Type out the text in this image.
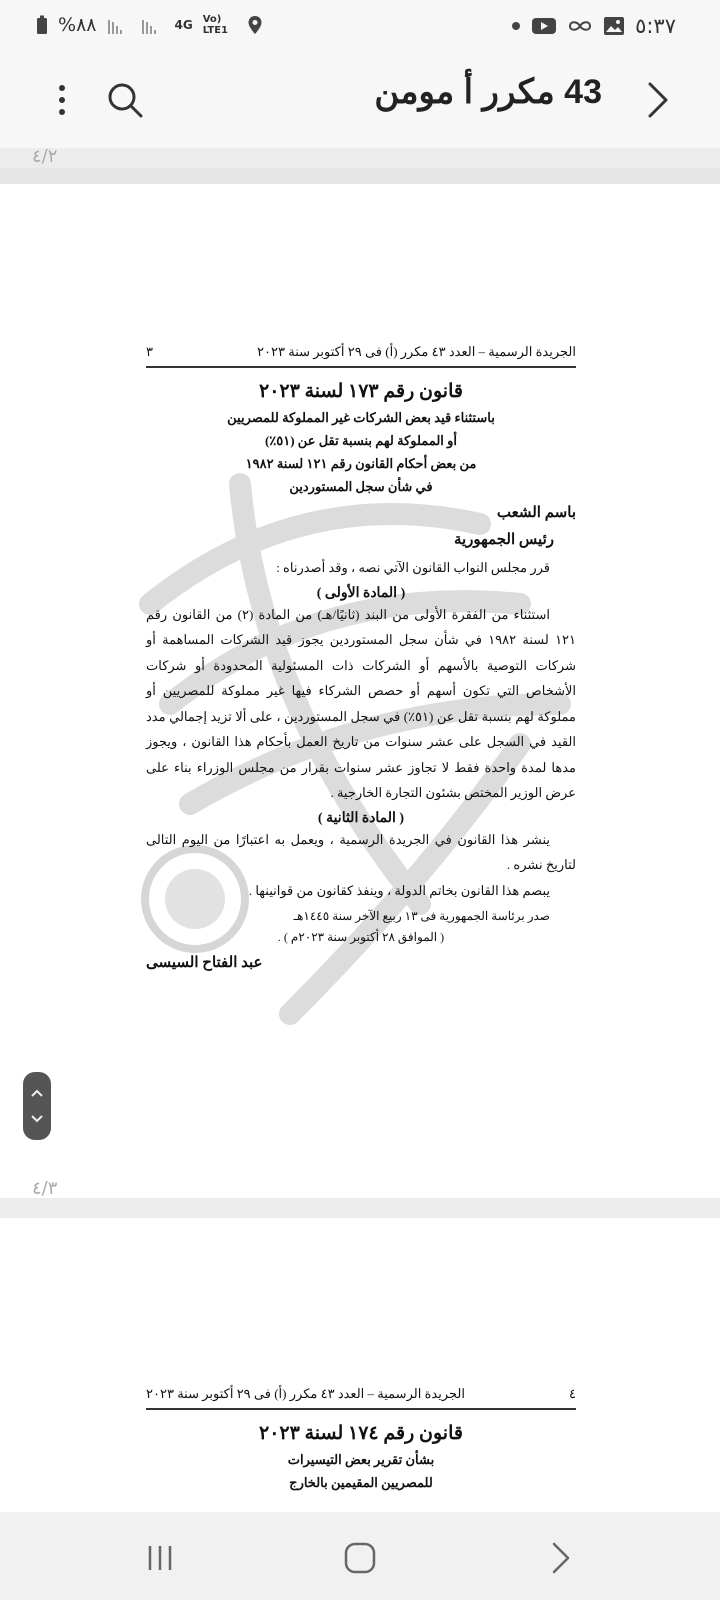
%٨٨	4G Vo) LTE1	٥:٣٧
43 مكرر أ مومن
٤/٢
الجريدة الرسمية – العدد ٤٣ مكرر (أ) فى ٢٩ أكتوبر سنة ٢٠٢٣
٣
قانون رقم ١٧٣ لسنة ٢٠٢٣
باستثناء قيد بعض الشركات غير المملوكة للمصريين
أو المملوكة لهم بنسبة تقل عن (٥١٪)
من بعض أحكام القانون رقم ١٢١ لسنة ١٩٨٢
في شأن سجل المستوردين
باسم الشعب
رئيس الجمهورية
قرر مجلس النواب القانون الآتي نصه ، وقد أصدرناه :
( المادة الأولى )
استثناء من الفقرة الأولى من البند (ثانيًا/هـ) من المادة (٢) من القانون رقم ١٢١ لسنة ١٩٨٢ في شأن سجل المستوردين يجوز قيد الشركات المساهمة أو شركات التوصية بالأسهم أو الشركات ذات المسئولية المحدودة أو شركات الأشخاص التي تكون أسهم أو حصص الشركاء فيها غير مملوكة للمصريين أو مملوكة لهم بنسبة تقل عن (٥١٪) في سجل المستوردين ، على ألا تزيد إجمالي مدد القيد في السجل على عشر سنوات من تاريخ العمل بأحكام هذا القانون ، ويجوز مدها لمدة واحدة فقط لا تجاوز عشر سنوات بقرار من مجلس الوزراء بناء على عرض الوزير المختص بشئون التجارة الخارجية .
( المادة الثانية )
ينشر هذا القانون في الجريدة الرسمية ، ويعمل به اعتبارًا من اليوم التالى لتاريخ نشره .
يبصم هذا القانون بخاتم الدولة ، وينفذ كقانون من قوانينها .
صدر برئاسة الجمهورية فى ١٣ ربيع الآخر سنة ١٤٤٥هـ
( الموافق ٢٨ أكتوبر سنة ٢٠٢٣م ) .
عبد الفتاح السيسى
٤/٣
٤
الجريدة الرسمية – العدد ٤٣ مكرر (أ) فى ٢٩ أكتوبر سنة ٢٠٢٣
قانون رقم ١٧٤ لسنة ٢٠٢٣
بشأن تقرير بعض التيسيرات
للمصريين المقيمين بالخارج
